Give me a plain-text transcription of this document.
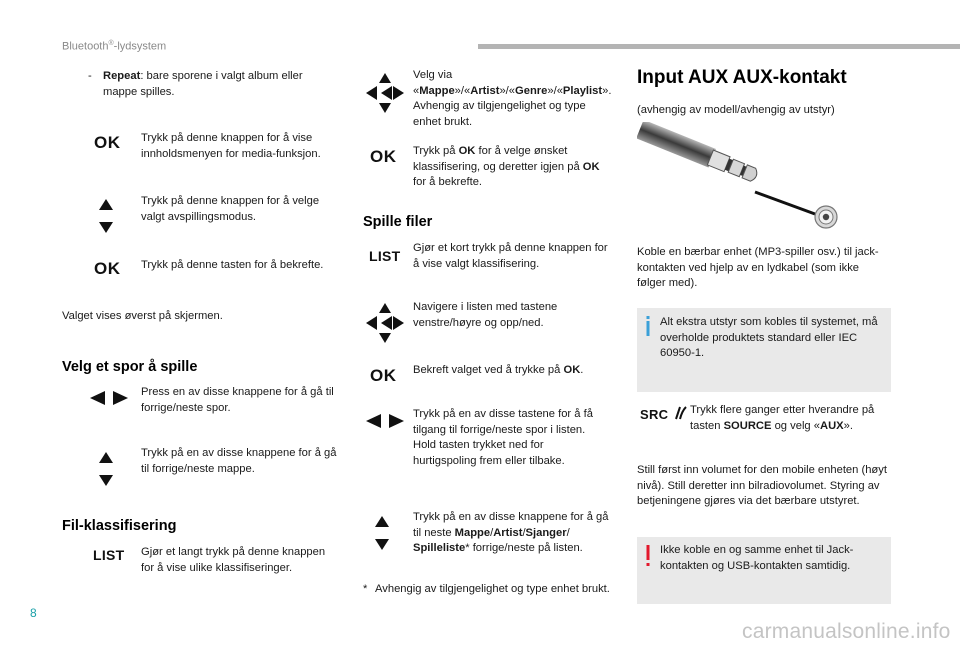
Bluetooth®-lydsystem
- Repeat: bare sporene i valgt album eller mappe spilles.
OK Trykk på denne knappen for å vise innholdsmenyen for media-funksjon.
Trykk på denne knappen for å velge valgt avspillingsmodus.
OK Trykk på denne tasten for å bekrefte.
Valget vises øverst på skjermen.
Velg et spor å spille
Press en av disse knappene for å gå til forrige/neste spor.
Trykk på en av disse knappene for å gå til forrige/neste mappe.
Fil-klassifisering
LIST Gjør et langt trykk på denne knappen for å vise ulike klassifiseringer.
Velg via «Mappe»/«Artist»/«Genre»/«Playlist».
Avhengig av tilgjengelighet og type enhet brukt.
OK Trykk på OK for å velge ønsket klassifisering, og deretter igjen på OK for å bekrefte.
Spille filer
LIST Gjør et kort trykk på denne knappen for å vise valgt klassifisering.
Navigere i listen med tastene venstre/høyre og opp/ned.
OK Bekreft valget ved å trykke på OK.
Trykk på en av disse tastene for å få tilgang til forrige/neste spor i listen. Hold tasten trykket ned for hurtigspoling frem eller tilbake.
Trykk på en av disse knappene for å gå til neste Mappe/Artist/Sjanger/ Spilleliste* forrige/neste på listen.
* Avhengig av tilgjengelighet og type enhet brukt.
Input AUX AUX-kontakt
(avhengig av modell/avhengig av utstyr)
Koble en bærbar enhet (MP3-spiller osv.) til jack-kontakten ved hjelp av en lydkabel (som ikke følger med).
Alt ekstra utstyr som kobles til systemet, må overholde produktets standard eller IEC 60950-1.
SRC	Trykk flere ganger etter hverandre på tasten SOURCE og velg «AUX».
Still først inn volumet for den mobile enheten (høyt nivå). Still deretter inn bilradiovolumet. Styring av betjeningene gjøres via det bærbare utstyret.
Ikke koble en og samme enhet til Jack-kontakten og USB-kontakten samtidig.
8
carmanualsonline.info
